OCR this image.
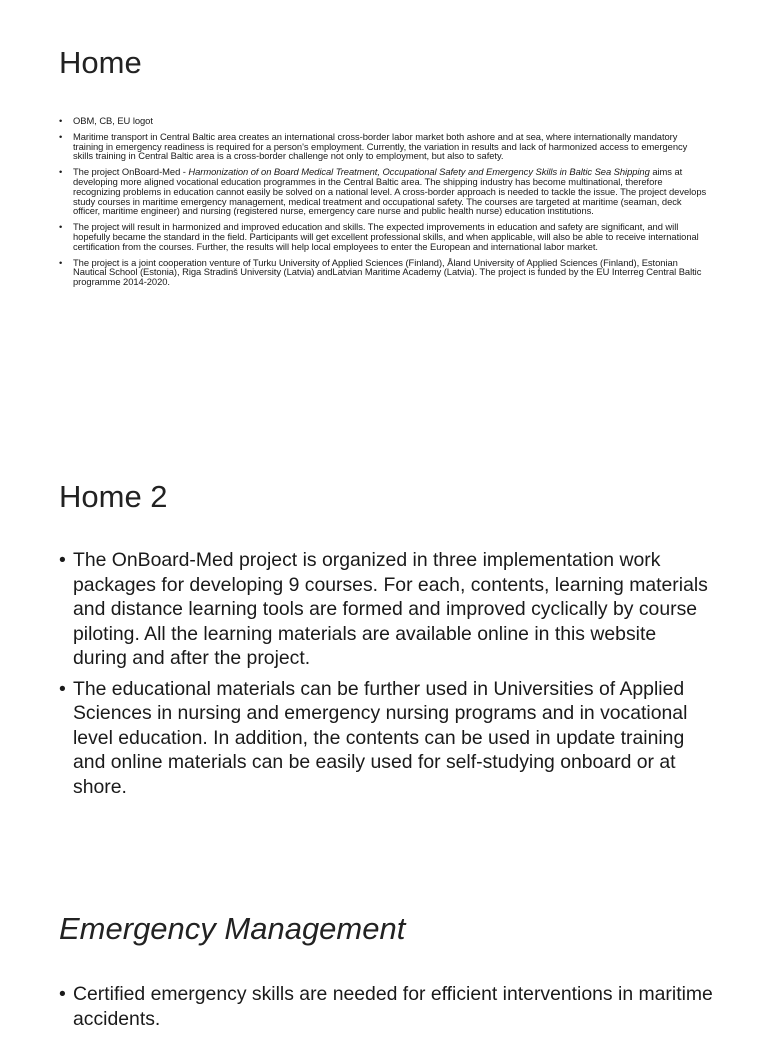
Home
• OBM, CB, EU logot
• Maritime transport in Central Baltic area creates an international cross-border labor market both ashore and at sea, where internationally mandatory training in emergency readiness is required for a person's employment. Currently, the variation in results and lack of harmonized access to emergency skills training in Central Baltic area is a cross-border challenge not only to employment, but also to safety.
• The project OnBoard-Med - Harmonization of on Board Medical Treatment, Occupational Safety and Emergency Skills in Baltic Sea Shipping aims at developing more aligned vocational education programmes in the Central Baltic area. The shipping industry has become multinational, therefore recognizing problems in education cannot easily be solved on a national level. A cross-border approach is needed to tackle the issue. The project develops study courses in maritime emergency management, medical treatment and occupational safety. The courses are targeted at maritime (seaman, deck officer, maritime engineer) and nursing (registered nurse, emergency care nurse and public health nurse) education institutions.
• The project will result in harmonized and improved education and skills. The expected improvements in education and safety are significant, and will hopefully became the standard in the field. Participants will get excellent professional skills, and when applicable, will also be able to receive international certification from the courses. Further, the results will help local employees to enter the European and international labor market.
• The project is a joint cooperation venture of Turku University of Applied Sciences (Finland), Åland University of Applied Sciences (Finland), Estonian Nautical School (Estonia), Riga Stradinš University (Latvia) andLatvian Maritime Academy (Latvia). The project is funded by the EU Interreg Central Baltic programme 2014-2020.
Home 2
• The OnBoard-Med project is organized in three implementation work packages for developing 9 courses. For each, contents, learning materials and distance learning tools are formed and improved cyclically by course piloting. All the learning materials are available online in this website during and after the project.
• The educational materials can be further used in Universities of Applied Sciences in nursing and emergency nursing programs and in vocational level education. In addition, the contents can be used in update training and online materials can be easily used for self-studying onboard or at shore.
Emergency Management
• Certified emergency skills are needed for efficient interventions in maritime accidents.
